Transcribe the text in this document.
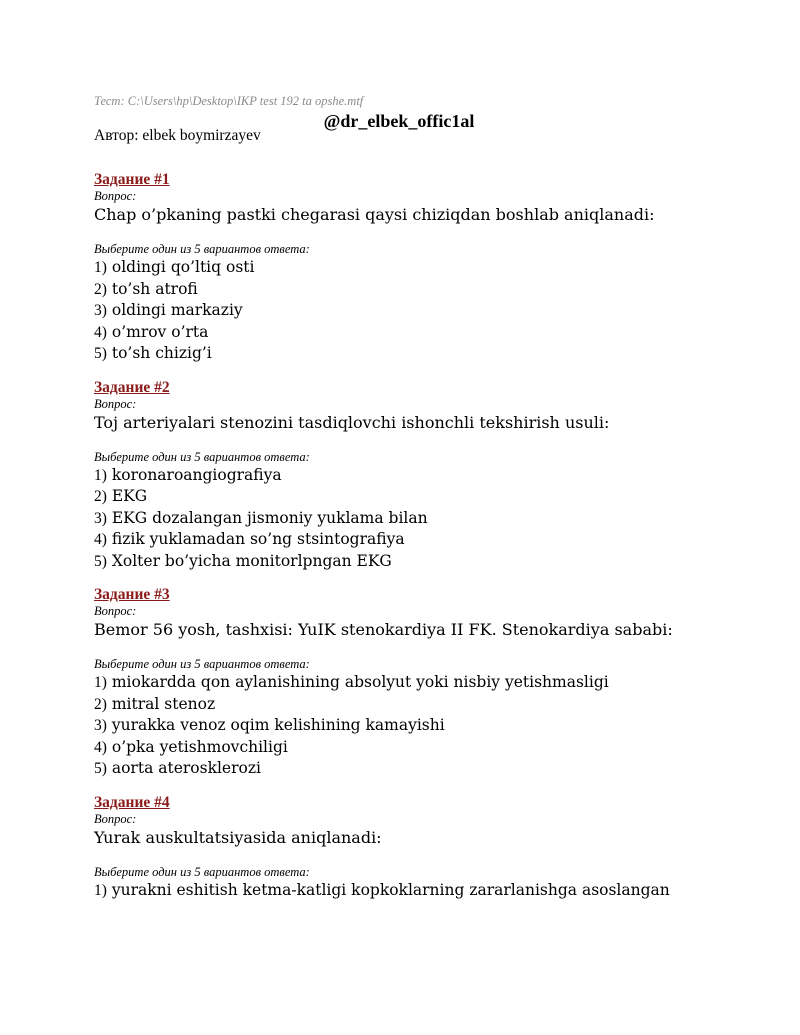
Тест: C:\Users\hp\Desktop\IKP test 192 ta opshe.mtf
@dr_elbek_offic1al
Автор: elbek boymirzayev
Задание #1
Вопрос:
Chap o’pkaning pastki chegarasi qaysi chiziqdan boshlab aniqlanadi:
Выберите один из 5 вариантов ответа:
1) oldingi qo’ltiq osti
2) to’sh atrofi
3) oldingi markaziy
4) o’mrov o’rta
5) to’sh chizig’i
Задание #2
Вопрос:
Toj arteriyalari stenozini tasdiqlovchi ishonchli tekshirish usuli:
Выберите один из 5 вариантов ответа:
1) koronaroangiografiya
2) EKG
3) EKG dozalangan jismoniy yuklama bilan
4) fizik yuklamadan so’ng stsintografiya
5) Xolter bo’yicha monitorlpngan EKG
Задание #3
Вопрос:
Bemor 56 yosh, tashxisi: YuIK stenokardiya II FK. Stenokardiya sababi:
Выберите один из 5 вариантов ответа:
1) miokardda qon aylanishining absolyut yoki nisbiy yetishmasligi
2) mitral stenoz
3) yurakka venoz oqim kelishining kamayishi
4) o’pka yetishmovchiligi
5) aorta aterosklerozi
Задание #4
Вопрос:
Yurak auskultatsiyasida aniqlanadi:
Выберите один из 5 вариантов ответа:
1) yurakni eshitish ketma-katligi kopkoklarning zararlanishga asoslangan
